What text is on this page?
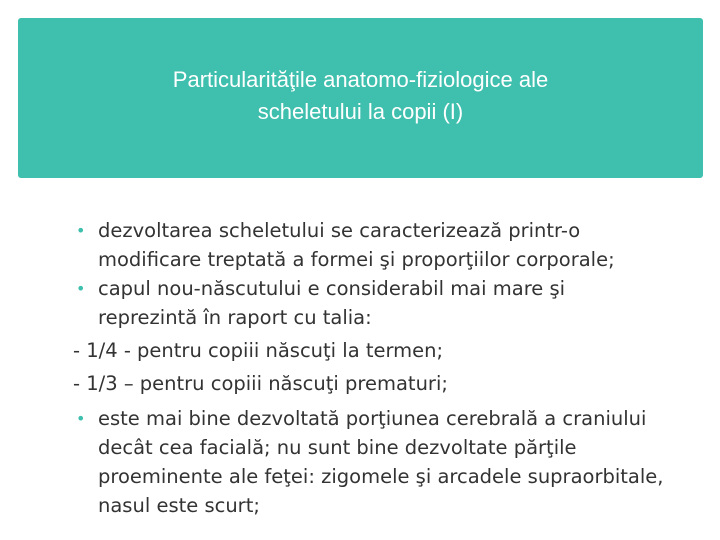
Particularităţile anatomo-fiziologice ale
scheletului la copii (I)
• dezvoltarea scheletului se caracterizează printr-o modificare treptată a formei şi proporţiilor corporale;
• capul nou-născutului e considerabil mai mare şi reprezintă în raport cu talia:
- 1/4 - pentru copiii născuţi la termen;
- 1/3 – pentru copiii născuţi prematuri;
• este mai bine dezvoltată porţiunea cerebrală a craniului decât cea facială; nu sunt bine dezvoltate părţile proeminente ale feţei: zigomele şi arcadele supraorbitale, nasul este scurt;
